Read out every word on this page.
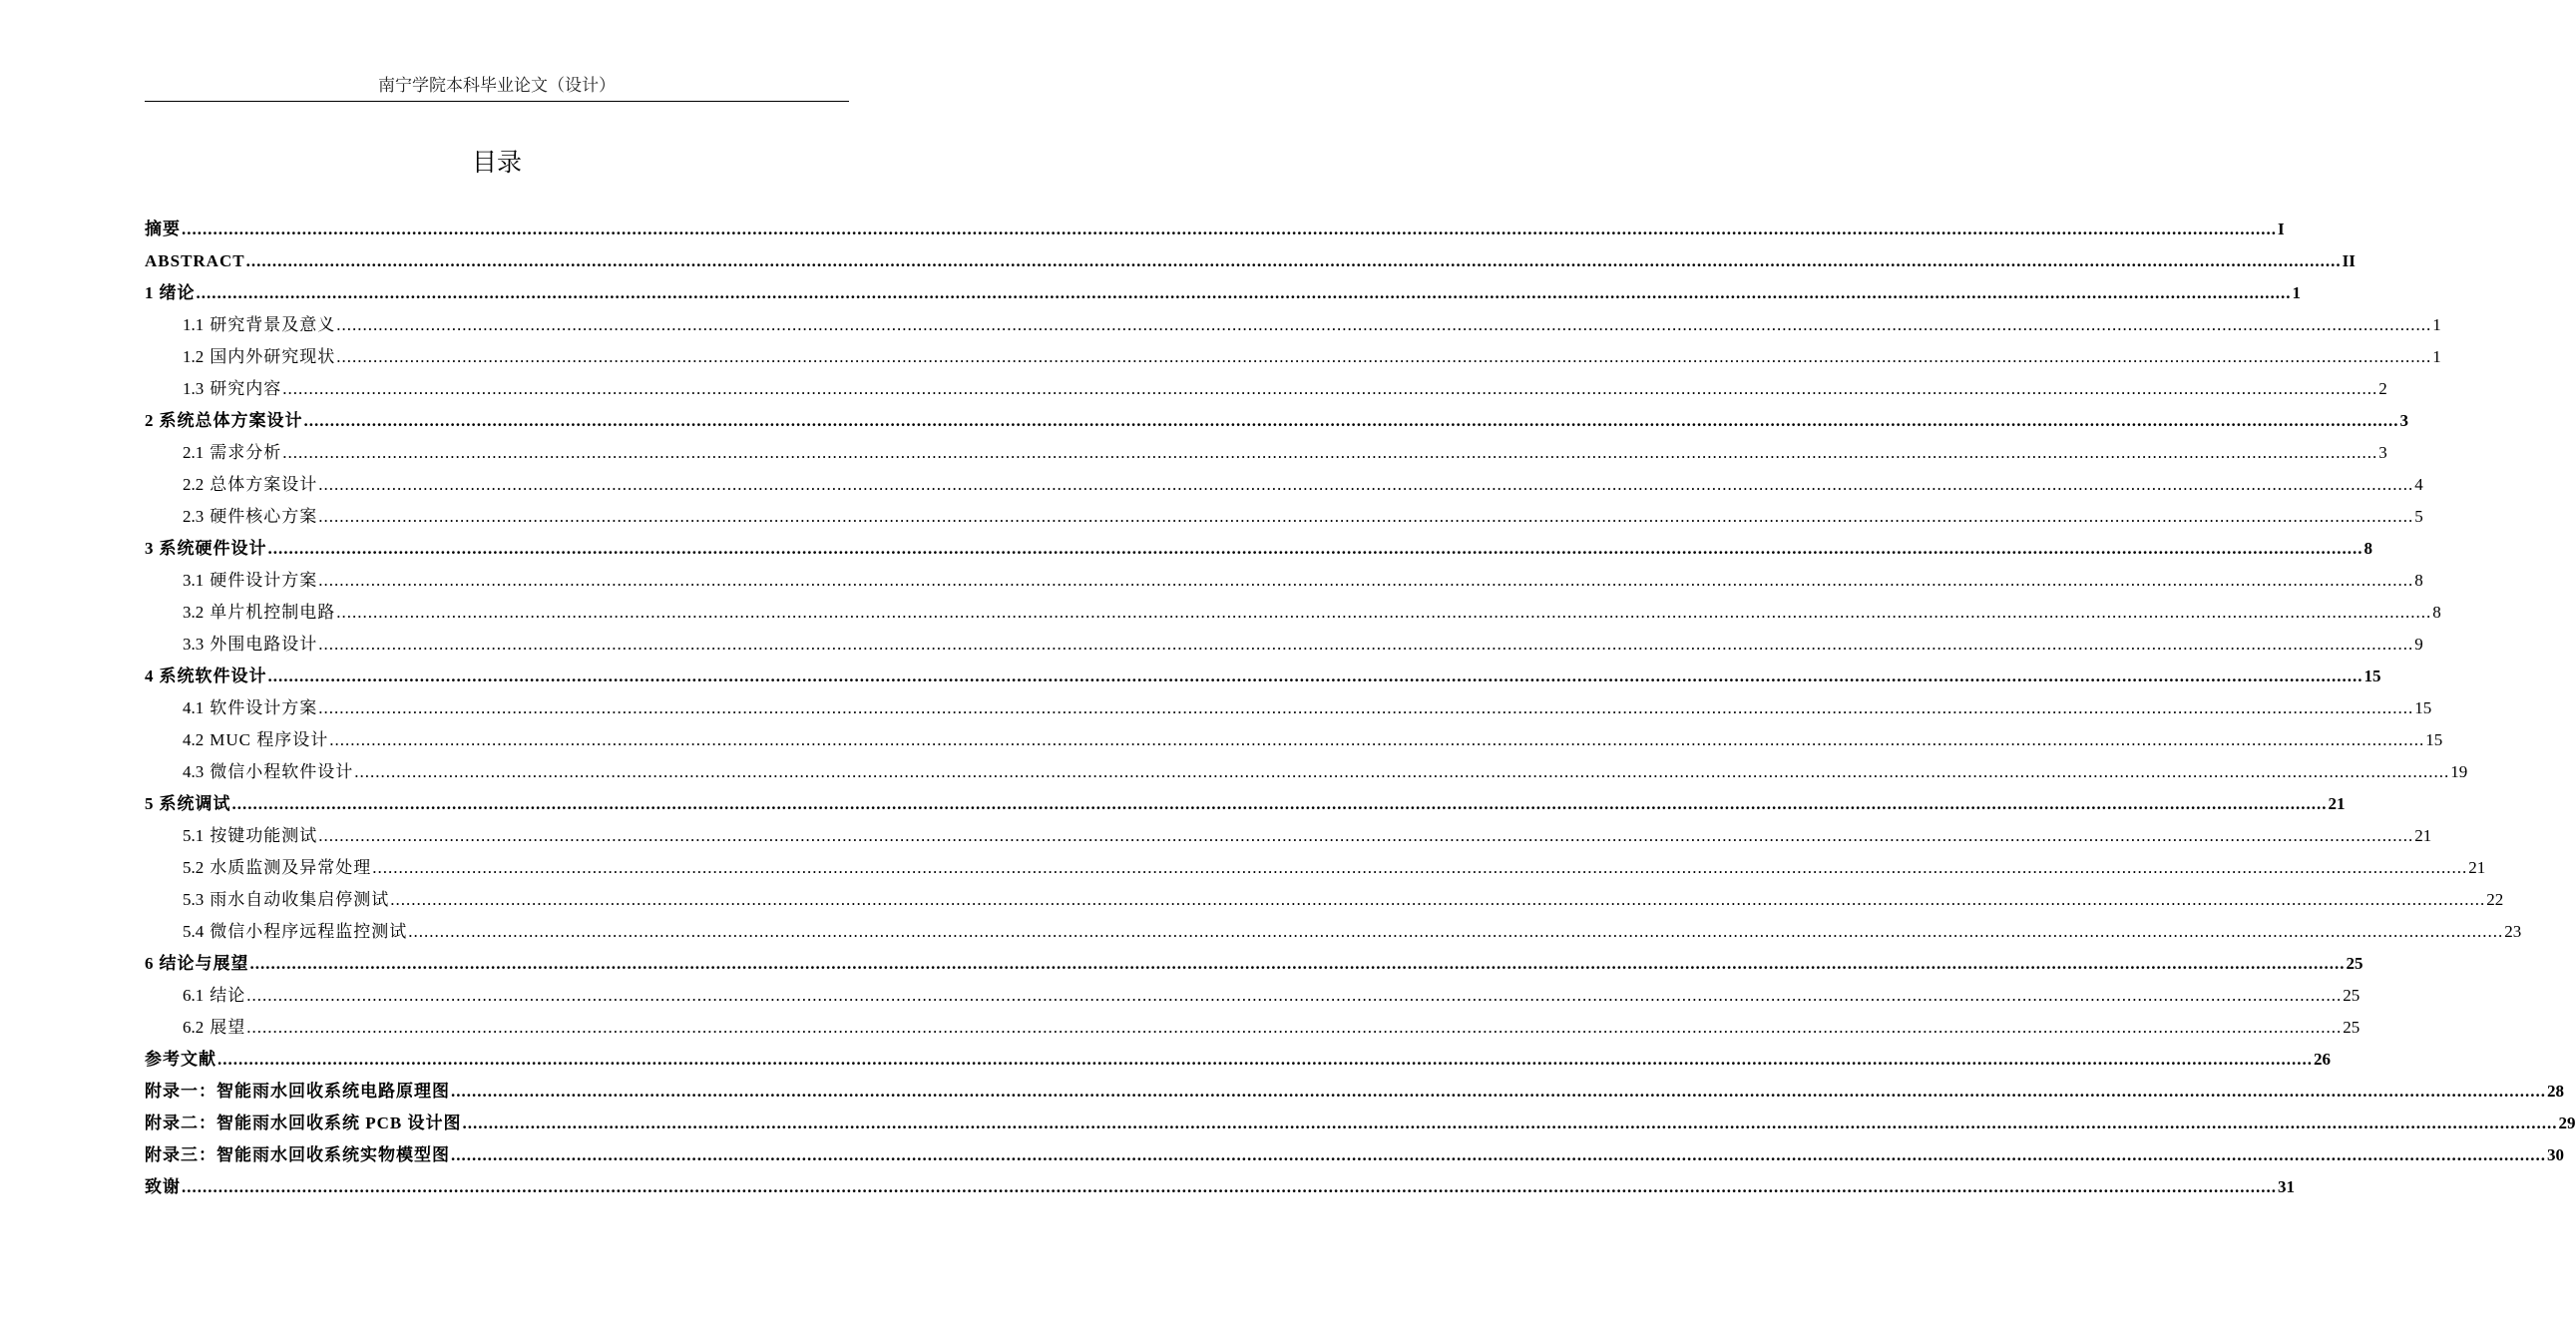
南宁学院本科毕业论文（设计）
目录
摘要 ................................................................................................................................................................................................................................................................................................................................................................................................................ I
ABSTRACT ................................................................................................................................................................................................................................................................................................................................................................................................................ II
1 绪论 ................................................................................................................................................................................................................................................................................................................................................................................................................ 1
1.1 研究背景及意义 ................................................................................................................................................................................................................................................................................................................................................................................................................ 1
1.2 国内外研究现状 ................................................................................................................................................................................................................................................................................................................................................................................................................ 1
1.3 研究内容 ................................................................................................................................................................................................................................................................................................................................................................................................................ 2
2 系统总体方案设计 ................................................................................................................................................................................................................................................................................................................................................................................................................ 3
2.1 需求分析 ................................................................................................................................................................................................................................................................................................................................................................................................................ 3
2.2 总体方案设计 ................................................................................................................................................................................................................................................................................................................................................................................................................ 4
2.3 硬件核心方案 ................................................................................................................................................................................................................................................................................................................................................................................................................ 5
3 系统硬件设计 ................................................................................................................................................................................................................................................................................................................................................................................................................ 8
3.1 硬件设计方案 ................................................................................................................................................................................................................................................................................................................................................................................................................ 8
3.2 单片机控制电路 ................................................................................................................................................................................................................................................................................................................................................................................................................ 8
3.3 外围电路设计 ................................................................................................................................................................................................................................................................................................................................................................................................................ 9
4 系统软件设计 ................................................................................................................................................................................................................................................................................................................................................................................................................ 15
4.1 软件设计方案 ................................................................................................................................................................................................................................................................................................................................................................................................................ 15
4.2 MUC 程序设计 ................................................................................................................................................................................................................................................................................................................................................................................................................ 15
4.3 微信小程软件设计 ................................................................................................................................................................................................................................................................................................................................................................................................................ 19
5 系统调试 ................................................................................................................................................................................................................................................................................................................................................................................................................ 21
5.1 按键功能测试 ................................................................................................................................................................................................................................................................................................................................................................................................................ 21
5.2 水质监测及异常处理 ................................................................................................................................................................................................................................................................................................................................................................................................................ 21
5.3 雨水自动收集启停测试 ................................................................................................................................................................................................................................................................................................................................................................................................................ 22
5.4 微信小程序远程监控测试 ................................................................................................................................................................................................................................................................................................................................................................................................................ 23
6 结论与展望 ................................................................................................................................................................................................................................................................................................................................................................................................................ 25
6.1 结论 ................................................................................................................................................................................................................................................................................................................................................................................................................ 25
6.2 展望 ................................................................................................................................................................................................................................................................................................................................................................................................................ 25
参考文献 ................................................................................................................................................................................................................................................................................................................................................................................................................ 26
附录一：智能雨水回收系统电路原理图 ................................................................................................................................................................................................................................................................................................................................................................................................................ 28
附录二：智能雨水回收系统 PCB 设计图 ................................................................................................................................................................................................................................................................................................................................................................................................................ 29
附录三：智能雨水回收系统实物模型图 ................................................................................................................................................................................................................................................................................................................................................................................................................ 30
致谢 ................................................................................................................................................................................................................................................................................................................................................................................................................ 31
